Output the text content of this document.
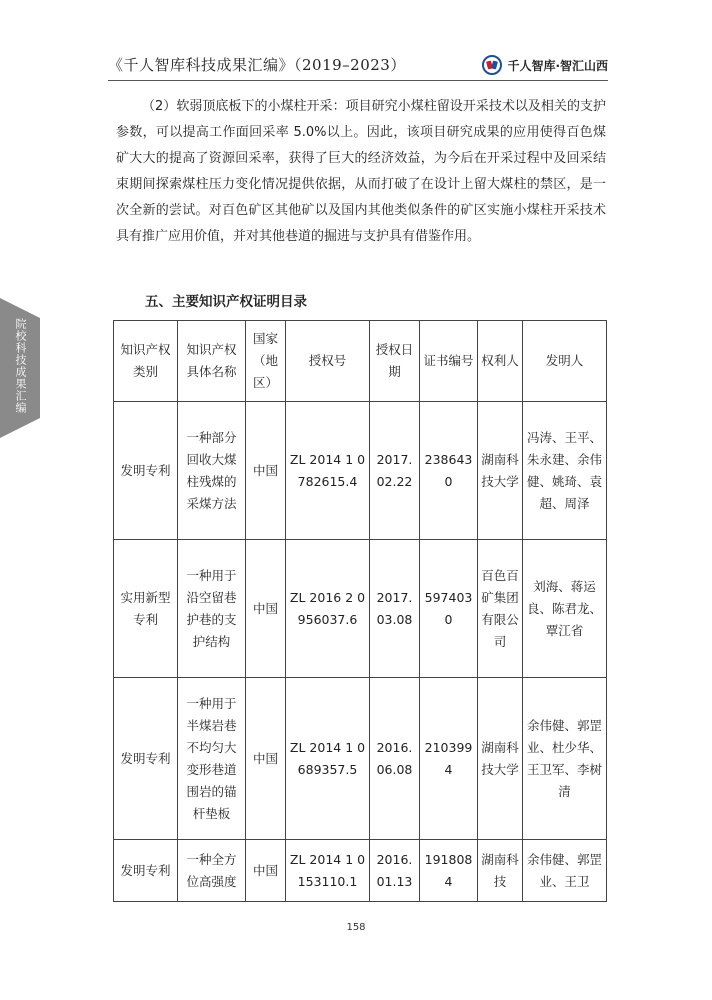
《千人智库科技成果汇编》（2019–2023）	千人智库·智汇山西
院校科技成果汇编

（2）软弱顶底板下的小煤柱开采：项目研究小煤柱留设开采技术以及相关的支护参数，可以提高工作面回采率 5.0%以上。因此，该项目研究成果的应用使得百色煤矿大大的提高了资源回采率，获得了巨大的经济效益，为今后在开采过程中及回采结束期间探索煤柱压力变化情况提供依据，从而打破了在设计上留大煤柱的禁区，是一次全新的尝试。对百色矿区其他矿以及国内其他类似条件的矿区实施小煤柱开采技术具有推广应用价值，并对其他巷道的掘进与支护具有借鉴作用。

五、主要知识产权证明目录
知识产权类别	知识产权具体名称	国家（地区）	授权号	授权日期	证书编号	权利人	发明人
发明专利	一种部分回收大煤柱残煤的采煤方法	中国	ZL 2014 1 0782615.4	2017.02.22	2386430	湖南科技大学	冯涛、王平、朱永建、余伟健、姚琦、袁超、周泽
实用新型专利	一种用于沿空留巷护巷的支护结构	中国	ZL 2016 2 0956037.6	2017.03.08	5974030	百色百矿集团有限公司	刘海、蒋运良、陈君龙、覃江省
发明专利	一种用于半煤岩巷不均匀大变形巷道围岩的锚杆垫板	中国	ZL 2014 1 0689357.5	2016.06.08	2103994	湖南科技大学	余伟健、郭罡业、杜少华、王卫军、李树清
发明专利	一种全方位高强度	中国	ZL 2014 1 0153110.1	2016.01.13	1918084	湖南科技	余伟健、郭罡业、王卫
158
